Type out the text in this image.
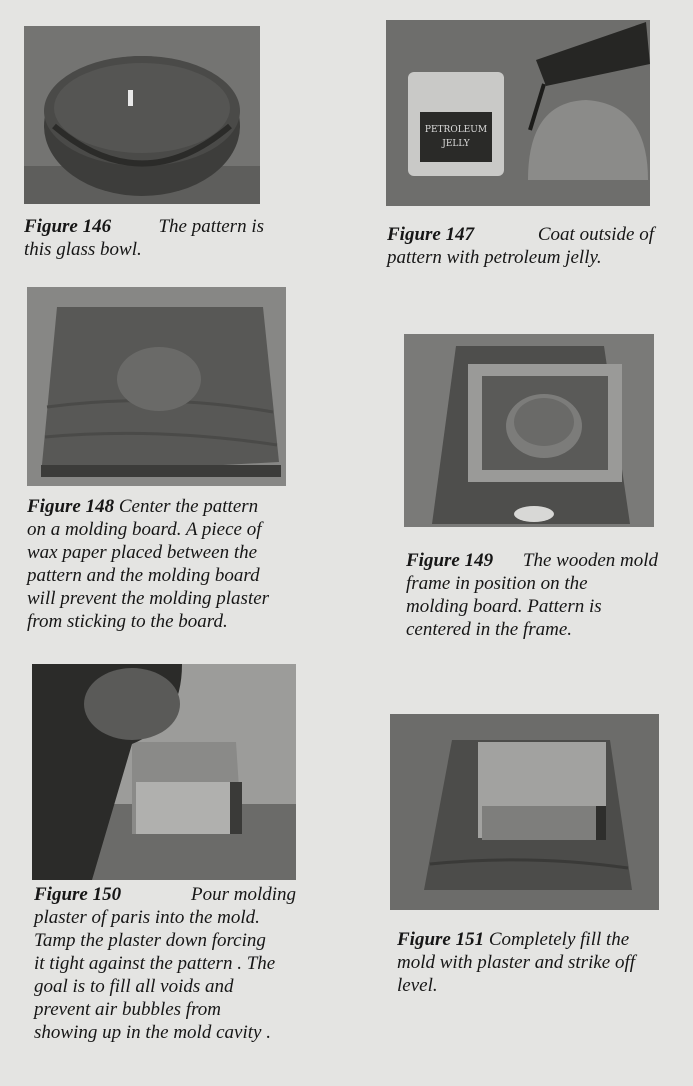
Figure 146 The pattern is
this glass bowl.

PETROLEUM
JELLY

Figure 147	Coat outside of
pattern with petroleum jelly.

Figure 148 Center the pattern
on a molding board. A piece of
wax paper placed between the
pattern and the molding board
will prevent the molding plaster
from sticking to the board.

Figure 149 The wooden mold
frame in position on the
molding board. Pattern is
centered in the frame.

Figure 150	Pour molding
plaster of paris into the mold.
Tamp the plaster down forcing
it tight against the pattern . The
goal is to fill all voids and
prevent air bubbles from
showing up in the mold cavity .

Figure 151 Completely fill the
mold with plaster and strike off
level.
